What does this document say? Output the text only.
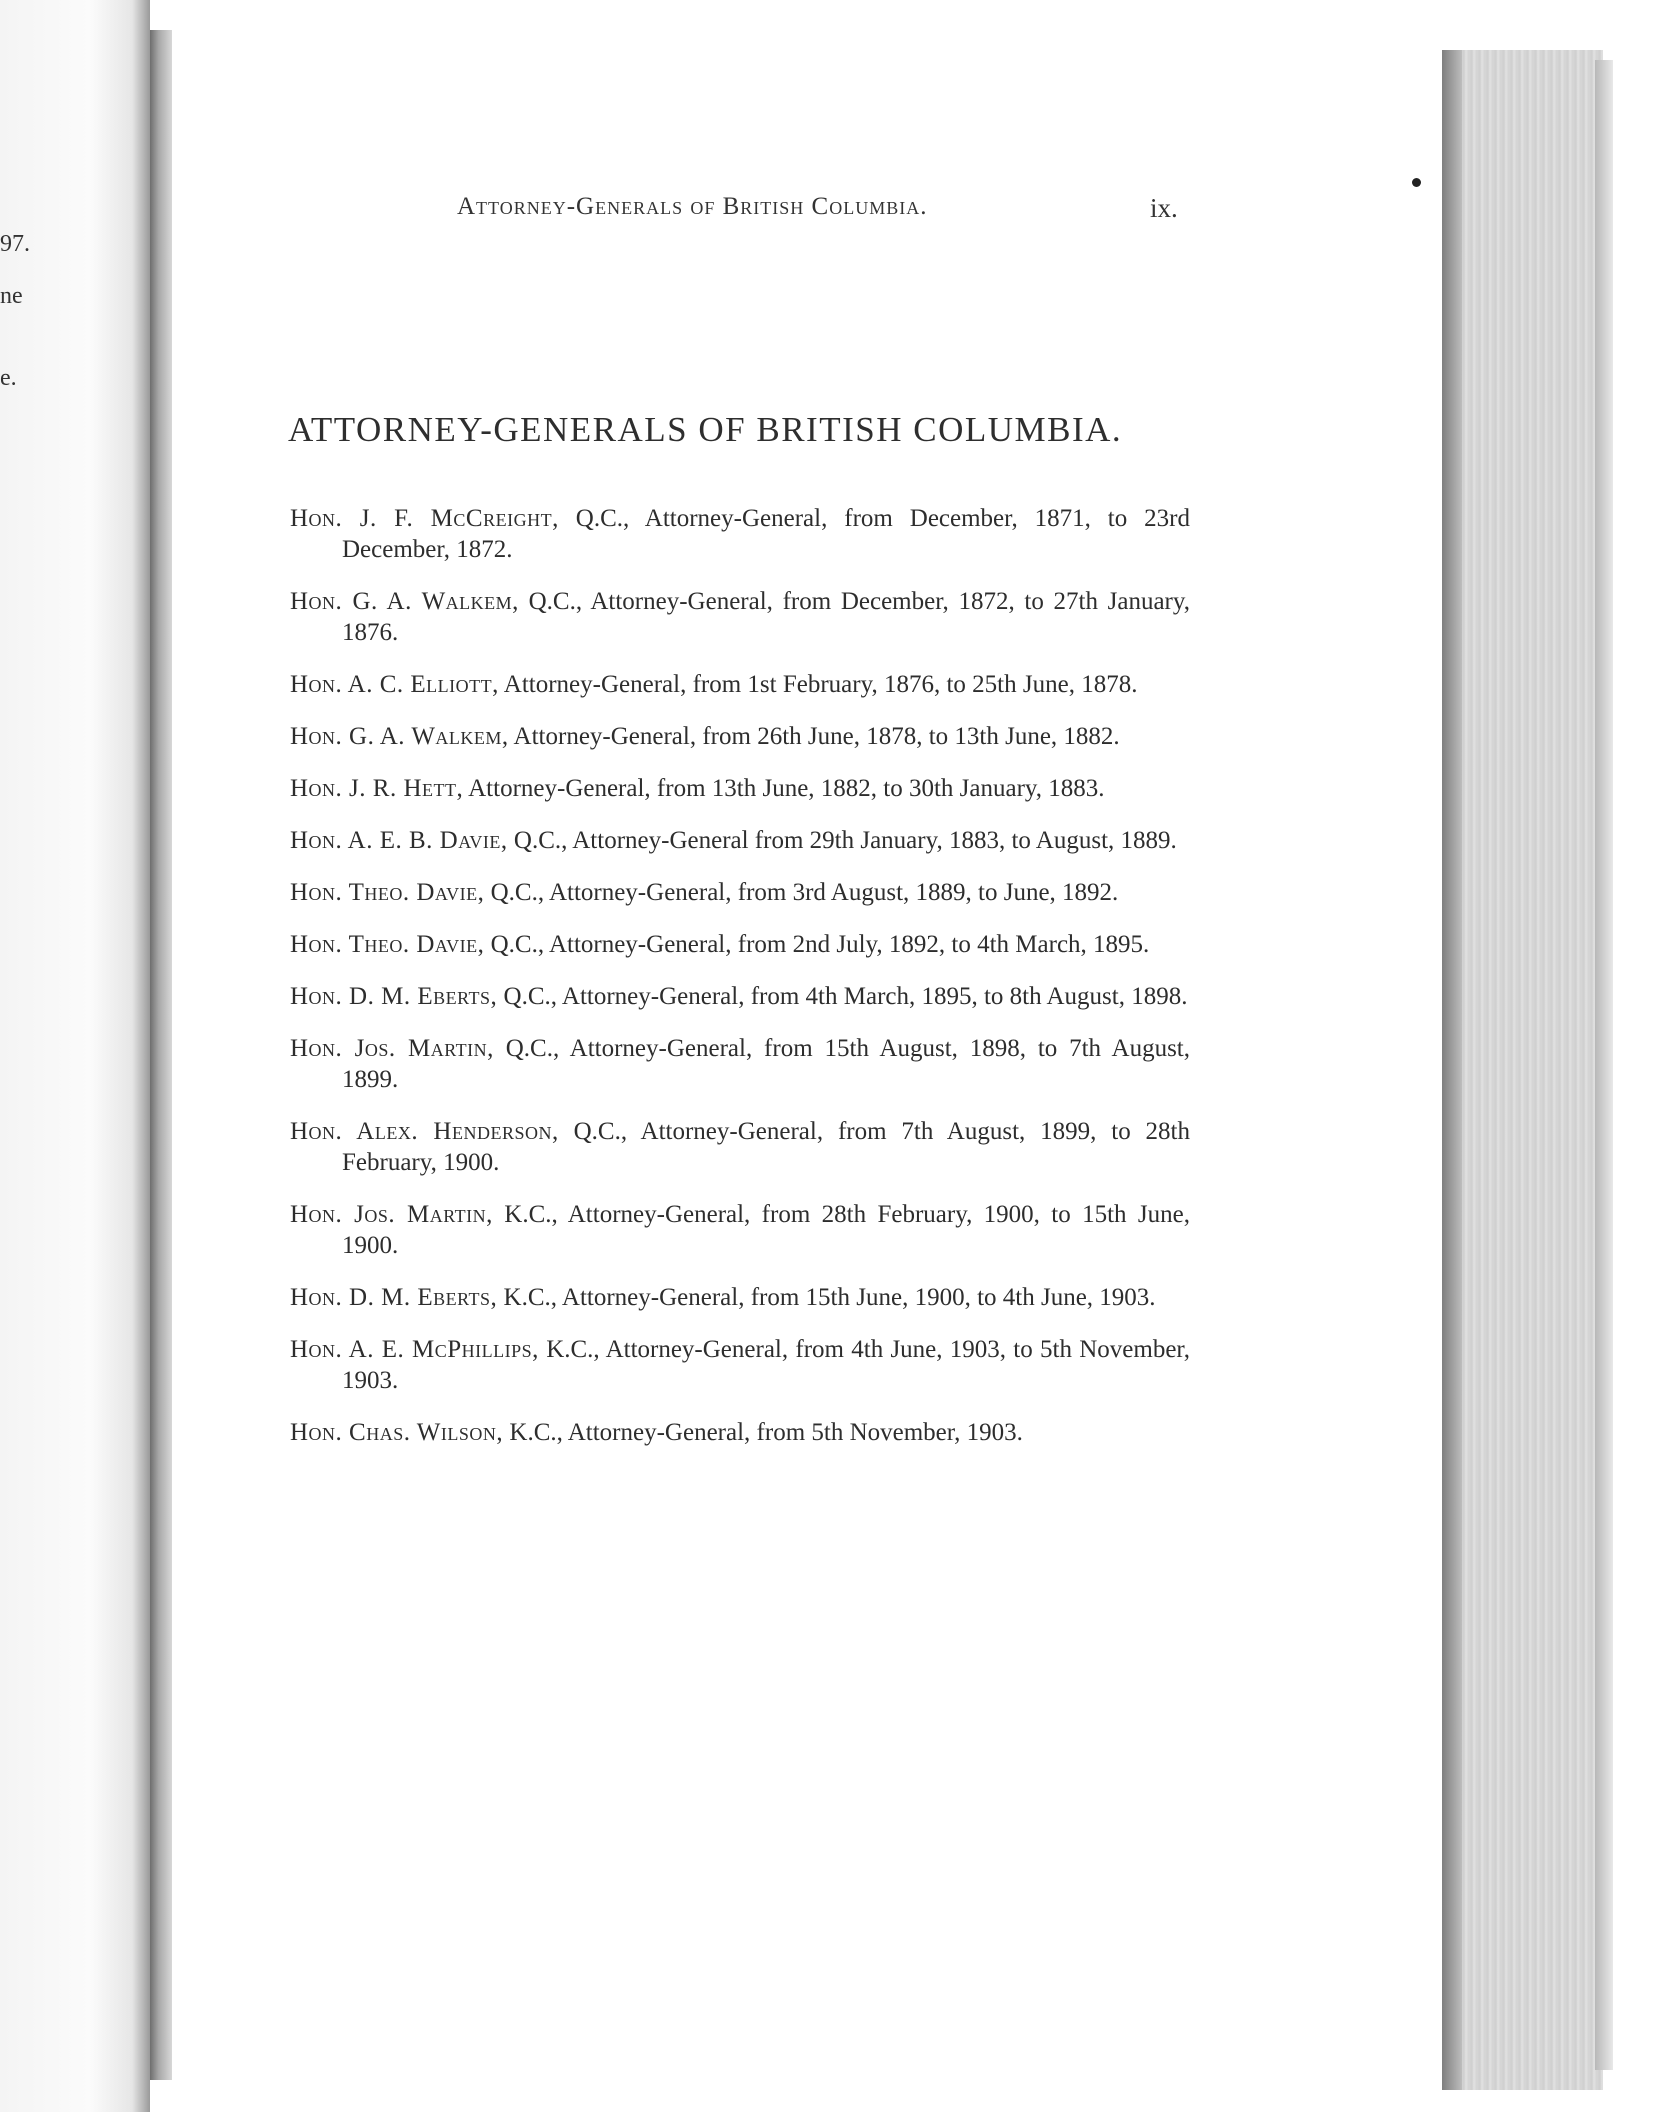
97.
ne
e.
Attorney-Generals of British Columbia.	ix.
ATTORNEY-GENERALS OF BRITISH COLUMBIA.
Hon. J. F. McCreight, Q.C., Attorney-General, from December, 1871, to 23rd December, 1872.
Hon. G. A. Walkem, Q.C., Attorney-General, from December, 1872, to 27th January, 1876.
Hon. A. C. Elliott, Attorney-General, from 1st February, 1876, to 25th June, 1878.
Hon. G. A. Walkem, Attorney-General, from 26th June, 1878, to 13th June, 1882.
Hon. J. R. Hett, Attorney-General, from 13th June, 1882, to 30th January, 1883.
Hon. A. E. B. Davie, Q.C., Attorney-General from 29th January, 1883, to August, 1889.
Hon. Theo. Davie, Q.C., Attorney-General, from 3rd August, 1889, to June, 1892.
Hon. Theo. Davie, Q.C., Attorney-General, from 2nd July, 1892, to 4th March, 1895.
Hon. D. M. Eberts, Q.C., Attorney-General, from 4th March, 1895, to 8th August, 1898.
Hon. Jos. Martin, Q.C., Attorney-General, from 15th August, 1898, to 7th August, 1899.
Hon. Alex. Henderson, Q.C., Attorney-General, from 7th August, 1899, to 28th February, 1900.
Hon. Jos. Martin, K.C., Attorney-General, from 28th February, 1900, to 15th June, 1900.
Hon. D. M. Eberts, K.C., Attorney-General, from 15th June, 1900, to 4th June, 1903.
Hon. A. E. McPhillips, K.C., Attorney-General, from 4th June, 1903, to 5th November, 1903.
Hon. Chas. Wilson, K.C., Attorney-General, from 5th November, 1903.
